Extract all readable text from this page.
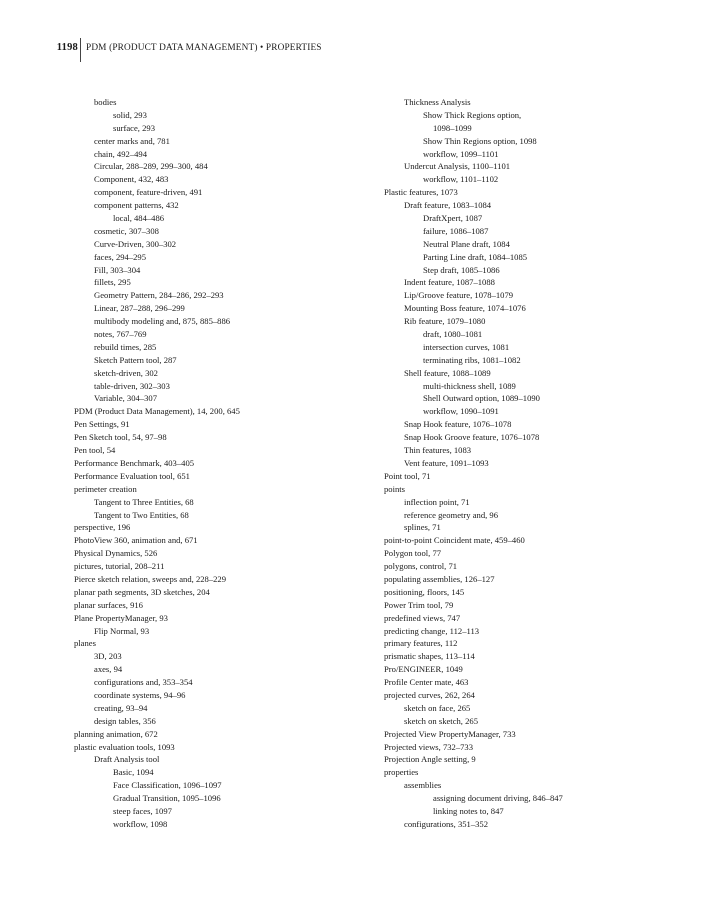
1198 PDM (PRODUCT DATA MANAGEMENT) • PROPERTIES
bodies
solid, 293
surface, 293
center marks and, 781
chain, 492–494
Circular, 288–289, 299–300, 484
Component, 432, 483
component, feature-driven, 491
component patterns, 432
local, 484–486
cosmetic, 307–308
Curve-Driven, 300–302
faces, 294–295
Fill, 303–304
fillets, 295
Geometry Pattern, 284–286, 292–293
Linear, 287–288, 296–299
multibody modeling and, 875, 885–886
notes, 767–769
rebuild times, 285
Sketch Pattern tool, 287
sketch-driven, 302
table-driven, 302–303
Variable, 304–307
PDM (Product Data Management), 14, 200, 645
Pen Settings, 91
Pen Sketch tool, 54, 97–98
Pen tool, 54
Performance Benchmark, 403–405
Performance Evaluation tool, 651
perimeter creation
Tangent to Three Entities, 68
Tangent to Two Entities, 68
perspective, 196
PhotoView 360, animation and, 671
Physical Dynamics, 526
pictures, tutorial, 208–211
Pierce sketch relation, sweeps and, 228–229
planar path segments, 3D sketches, 204
planar surfaces, 916
Plane PropertyManager, 93
Flip Normal, 93
planes
3D, 203
axes, 94
configurations and, 353–354
coordinate systems, 94–96
creating, 93–94
design tables, 356
planning animation, 672
plastic evaluation tools, 1093
Draft Analysis tool
Basic, 1094
Face Classification, 1096–1097
Gradual Transition, 1095–1096
steep faces, 1097
workflow, 1098
Thickness Analysis
Show Thick Regions option,
1098–1099
Show Thin Regions option, 1098
workflow, 1099–1101
Undercut Analysis, 1100–1101
workflow, 1101–1102
Plastic features, 1073
Draft feature, 1083–1084
DraftXpert, 1087
failure, 1086–1087
Neutral Plane draft, 1084
Parting Line draft, 1084–1085
Step draft, 1085–1086
Indent feature, 1087–1088
Lip/Groove feature, 1078–1079
Mounting Boss feature, 1074–1076
Rib feature, 1079–1080
draft, 1080–1081
intersection curves, 1081
terminating ribs, 1081–1082
Shell feature, 1088–1089
multi-thickness shell, 1089
Shell Outward option, 1089–1090
workflow, 1090–1091
Snap Hook feature, 1076–1078
Snap Hook Groove feature, 1076–1078
Thin features, 1083
Vent feature, 1091–1093
Point tool, 71
points
inflection point, 71
reference geometry and, 96
splines, 71
point-to-point Coincident mate, 459–460
Polygon tool, 77
polygons, control, 71
populating assemblies, 126–127
positioning, floors, 145
Power Trim tool, 79
predefined views, 747
predicting change, 112–113
primary features, 112
prismatic shapes, 113–114
Pro/ENGINEER, 1049
Profile Center mate, 463
projected curves, 262, 264
sketch on face, 265
sketch on sketch, 265
Projected View PropertyManager, 733
Projected views, 732–733
Projection Angle setting, 9
properties
assemblies
assigning document driving, 846–847
linking notes to, 847
configurations, 351–352
